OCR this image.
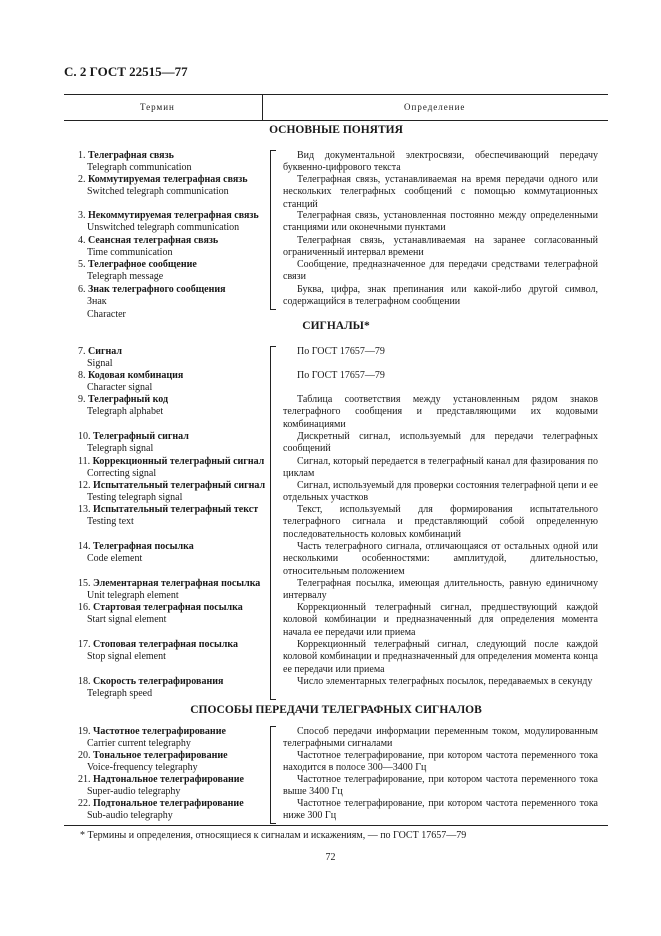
С. 2 ГОСТ 22515—77
Термин	Определение
ОСНОВНЫЕ ПОНЯТИЯ
1. Телеграфная связь
Telegraph communication
Вид документальной электросвязи, обеспечивающий передачу буквенно-цифрового текста
2. Коммутируемая телеграфная связь
Switched telegraph communication
Телеграфная связь, устанавливаемая на время передачи одного или нескольких телеграфных сообщений с помощью коммутационных станций
3. Некоммутируемая телеграфная связь
Unswitched telegraph communication
Телеграфная связь, установленная постоянно между определенными станциями или оконечными пунктами
4. Сеансная телеграфная связь
Time communication
Телеграфная связь, устанавливаемая на заранее согласованный ограниченный интервал времени
5. Телеграфное сообщение
Telegraph message
Сообщение, предназначенное для передачи средствами телеграфной связи
6. Знак телеграфного сообщения
Знак
Character
Буква, цифра, знак препинания или какой-либо другой символ, содержащийся в телеграфном сообщении
СИГНАЛЫ*
7. Сигнал
Signal
По ГОСТ 17657—79
8. Кодовая комбинация
Character signal
По ГОСТ 17657—79
9. Телеграфный код
Telegraph alphabet
Таблица соответствия между установленным рядом знаков телеграфного сообщения и представляющими их кодовыми комбинациями
10. Телеграфный сигнал
Telegraph signal
Дискретный сигнал, используемый для передачи телеграфных сообщений
11. Коррекционный телеграфный сигнал
Correcting signal
Сигнал, который передается в телеграфный канал для фазирования по циклам
12. Испытательный телеграфный сигнал
Testing telegraph signal
Сигнал, используемый для проверки состояния телеграфной цепи и ее отдельных участков
13. Испытательный телеграфный текст
Testing text
Текст, используемый для формирования испытательного телеграфного сигнала и представляющий собой определенную последовательность коловых комбинаций
14. Телеграфная посылка
Code element
Часть телеграфного сигнала, отличающаяся от остальных одной или несколькими особенностями: амплитудой, длительностью, относительным положением
15. Элементарная телеграфная посылка
Unit telegraph element
Телеграфная посылка, имеющая длительность, равную единичному интервалу
16. Стартовая телеграфная посылка
Start signal element
Коррекционный телеграфный сигнал, предшествующий каждой коловой комбинации и предназначенный для определения момента начала ее передачи или приема
17. Стоповая телеграфная посылка
Stop signal element
Коррекционный телеграфный сигнал, следующий после каждой коловой комбинации и предназначенный для определения момента конца ее передачи или приема
18. Скорость телеграфирования
Telegraph speed
Число элементарных телеграфных посылок, передаваемых в секунду
СПОСОБЫ ПЕРЕДАЧИ ТЕЛЕГРАФНЫХ СИГНАЛОВ
19. Частотное телеграфирование
Carrier current telegraphy
Способ передачи информации переменным током, модулированным телеграфными сигналами
20. Тональное телеграфирование
Voice-frequency telegraphy
Частотное телеграфирование, при котором частота переменного тока находится в полосе 300—3400 Гц
21. Надтональное телеграфирование
Super-audio telegraphy
Частотное телеграфирование, при котором частота переменного тока выше 3400 Гц
22. Подтональное телеграфирование
Sub-audio telegraphy
Частотное телеграфирование, при котором частота переменного тока ниже 300 Гц
* Термины и определения, относящиеся к сигналам и искажениям, — по ГОСТ 17657—79
72
